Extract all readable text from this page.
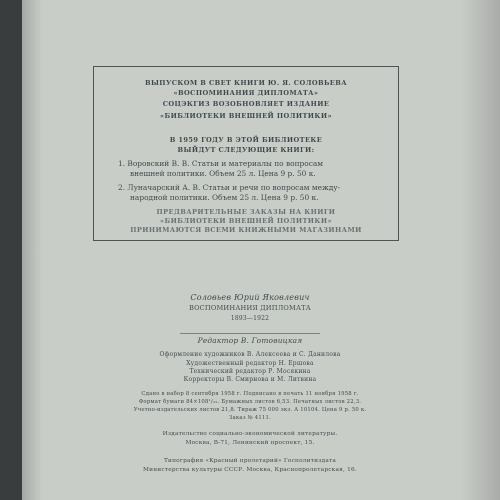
ВЫПУСКОМ В СВЕТ КНИГИ Ю. Я. СОЛОВЬЕВА
«ВОСПОМИНАНИЯ ДИПЛОМАТА»
СОЦЭКГИЗ ВОЗОБНОВЛЯЕТ ИЗДАНИЕ
«БИБЛИОТЕКИ ВНЕШНЕЙ ПОЛИТИКИ»
В 1959 ГОДУ В ЭТОЙ БИБЛИОТЕКЕ
ВЫЙДУТ СЛЕДУЮЩИЕ КНИГИ:
1. Воровский В. В. Статьи и материалы по вопросам
внешней политики. Объем 25 л. Цена 9 р. 50 к.
2. Луначарский А. В. Статьи и речи по вопросам между-
народной политики. Объем 25 л. Цена 9 р. 50 к.
ПРЕДВАРИТЕЛЬНЫЕ ЗАКАЗЫ НА КНИГИ
«БИБЛИОТЕКИ ВНЕШНЕЙ ПОЛИТИКИ»
ПРИНИМАЮТСЯ ВСЕМИ КНИЖНЫМИ МАГАЗИНАМИ
Соловьев Юрий Яковлевич
ВОСПОМИНАНИЯ ДИПЛОМАТА
1893—1922
Редактор В. Готовицкая
Оформление художников В. Алексеева и С. Данилова
Художественный редактор Н. Ершова
Технический редактор Р. Мосякина
Корректоры В. Смирнова и М. Литвина
Сдано в набор 8 сентября 1958 г. Подписано в печать 11 ноября 1958 г.
Формат бумаги 84×108¹/₃₂. Бумажных листов 6,53. Печатных листов 22,3.
Учетно-издательских листов 21,8. Тираж 75 000 экз. А 10104. Цена 9 р. 50 к.
Заказ № 4111.
Издательство социально-экономической литературы.
Москва, В-71, Ленинский проспект, 15.
Типография «Красный пролетарий» Госполитиздата
Министерства культуры СССР. Москва, Краснопролетарская, 16.
